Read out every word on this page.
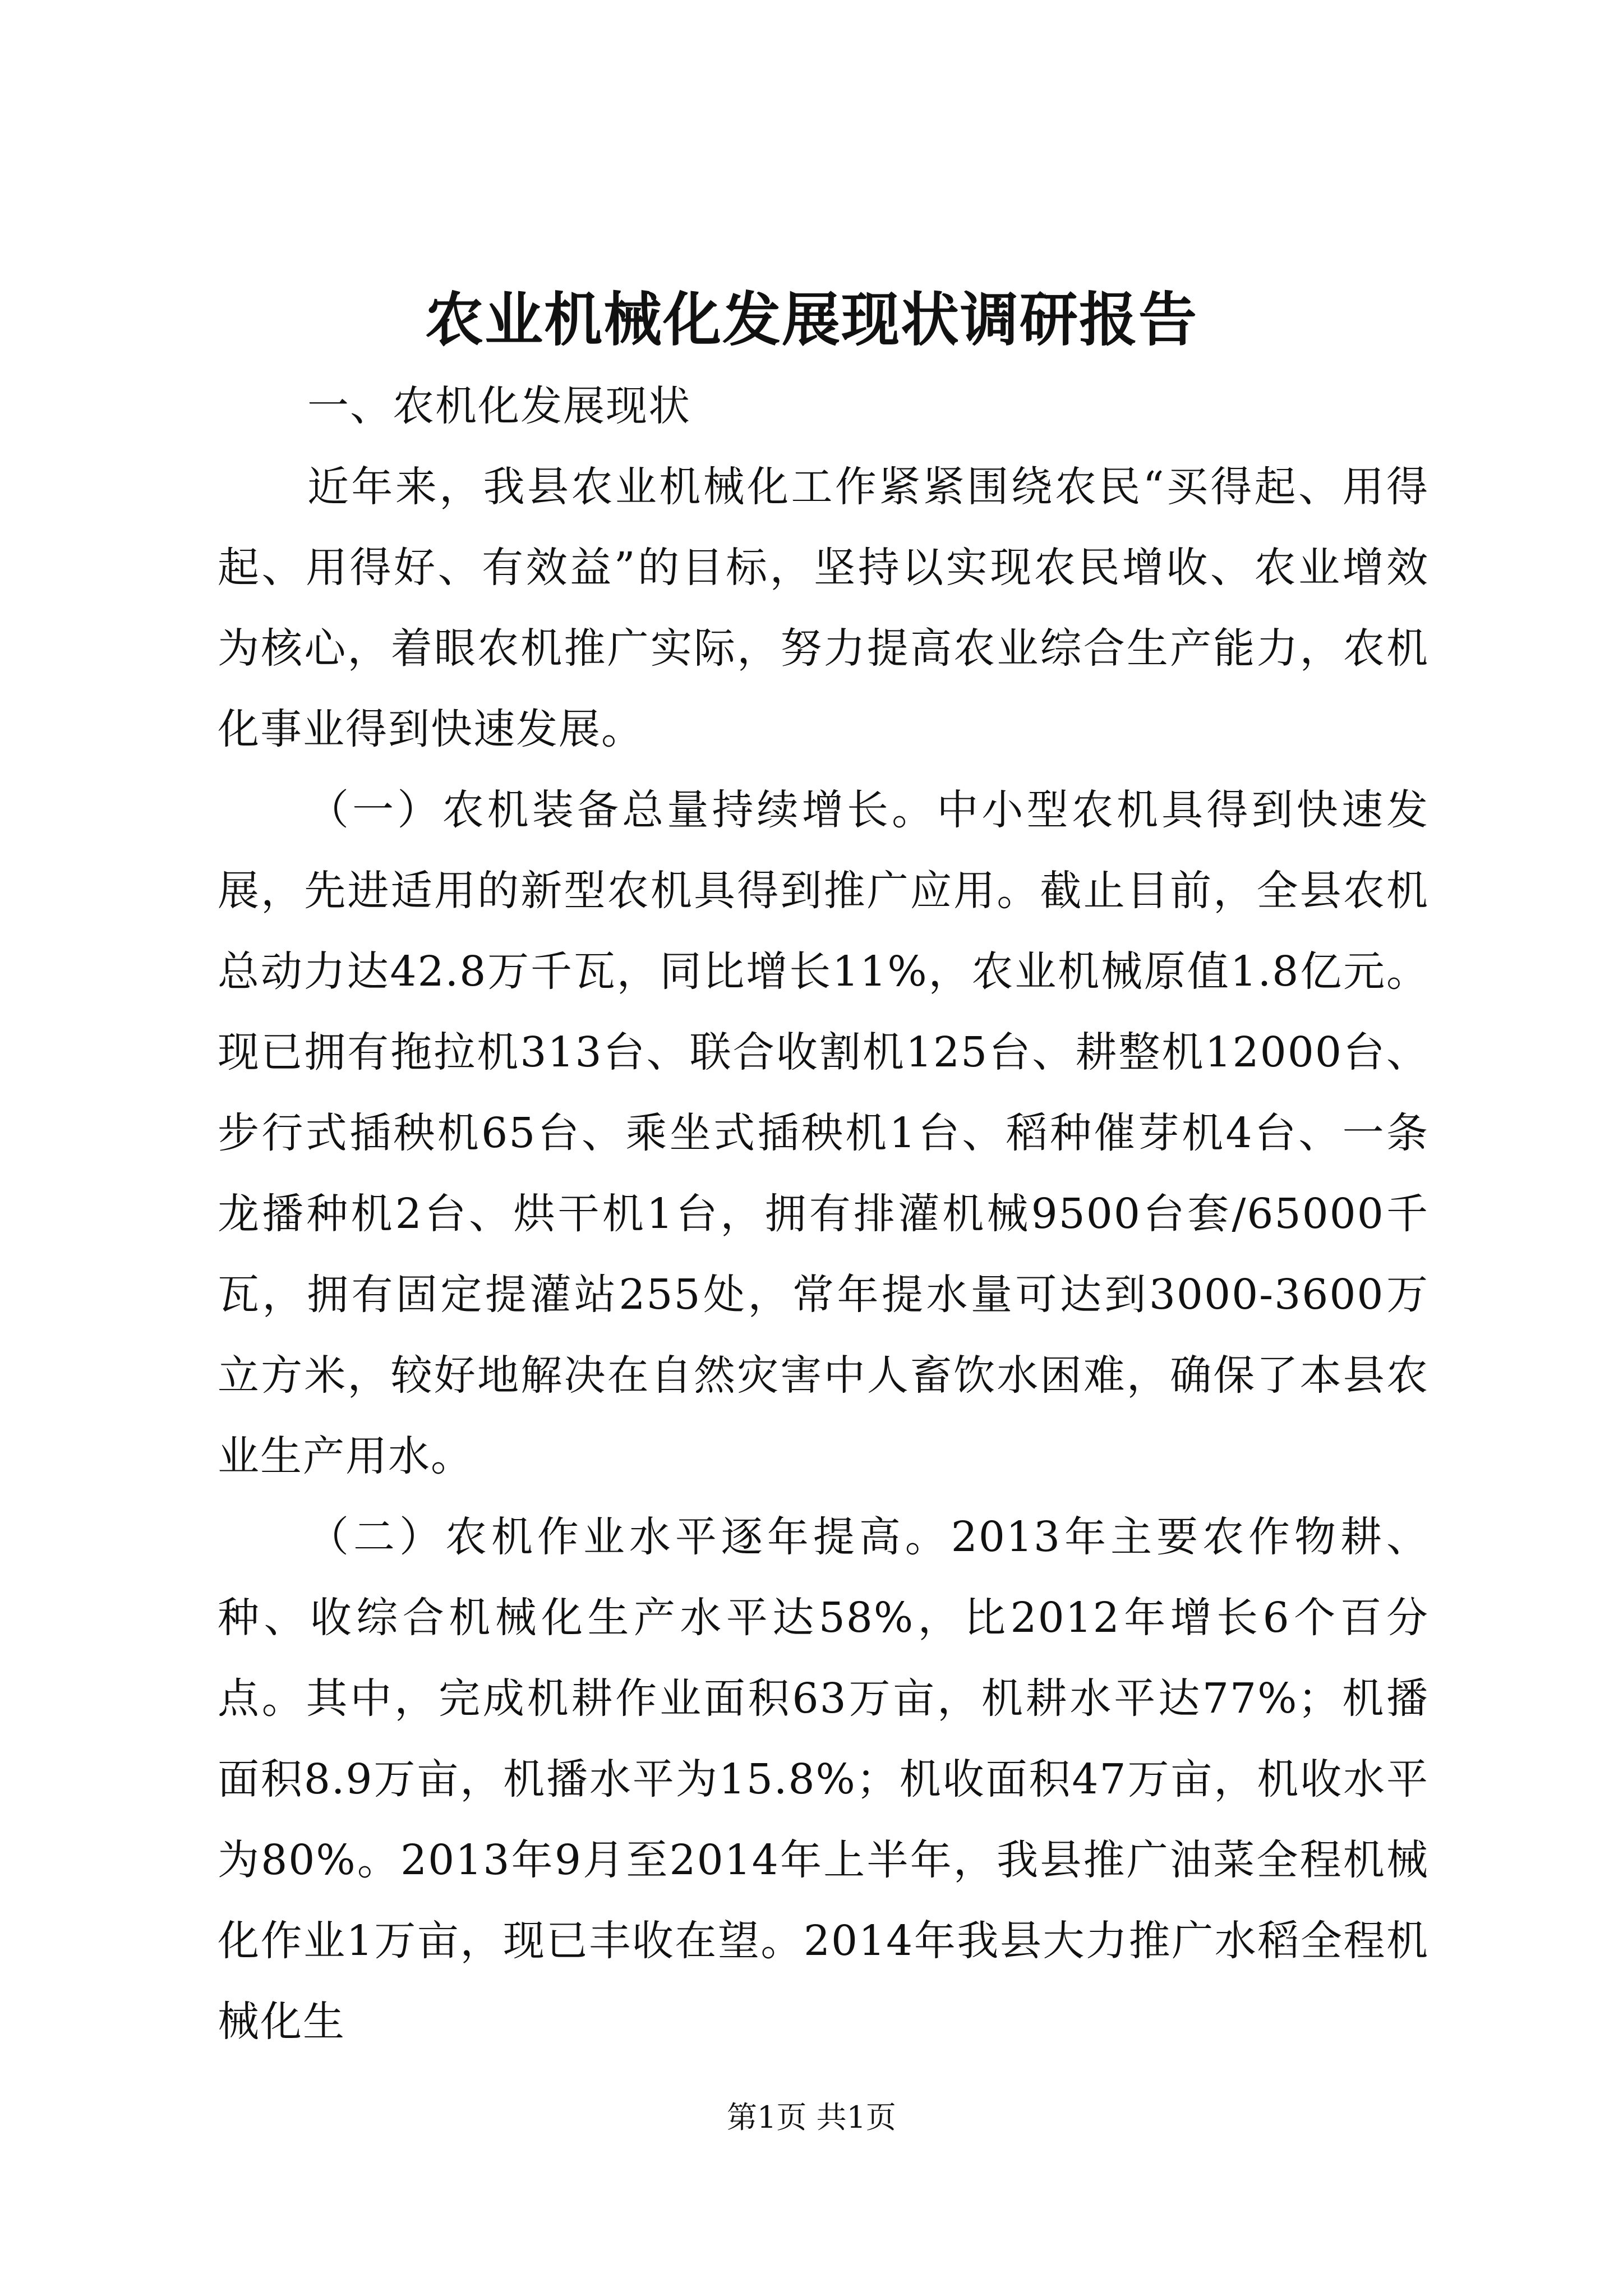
农业机械化发展现状调研报告

一、农机化发展现状

近年来，我县农业机械化工作紧紧围绕农民“买得起、用得起、用得好、有效益”的目标，坚持以实现农民增收、农业增效为核心，着眼农机推广实际，努力提高农业综合生产能力，农机化事业得到快速发展。

（一）农机装备总量持续增长。中小型农机具得到快速发展，先进适用的新型农机具得到推广应用。截止目前，全县农机总动力达42.8万千瓦，同比增长11%，农业机械原值1.8亿元。现已拥有拖拉机313台、联合收割机125台、耕整机12000台、步行式插秧机65台、乘坐式插秧机1台、稻种催芽机4台、一条龙播种机2台、烘干机1台，拥有排灌机械9500台套/65000千瓦，拥有固定提灌站255处，常年提水量可达到3000-3600万立方米，较好地解决在自然灾害中人畜饮水困难，确保了本县农业生产用水。

（二）农机作业水平逐年提高。2013年主要农作物耕、种、收综合机械化生产水平达58%，比2012年增长6个百分点。其中，完成机耕作业面积63万亩，机耕水平达77%；机播面积8.9万亩，机播水平为15.8%；机收面积47万亩，机收水平为80%。2013年9月至2014年上半年，我县推广油菜全程机械化作业1万亩，现已丰收在望。2014年我县大力推广水稻全程机械化生

第1页 共1页
